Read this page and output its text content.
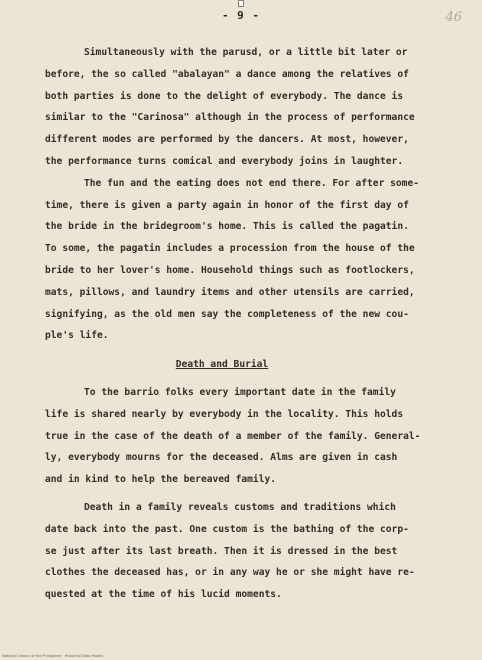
- 9 -	46
Simultaneously with the parusd, or a little bit later or
before, the so called "abalayan" a dance among the relatives of
both parties is done to the delight of everybody. The dance is
similar to the "Carinosa" although in the process of performance
different modes are performed by the dancers. At most, however,
the performance turns comical and everybody joins in laughter.
The fun and the eating does not end there. For after some-
time, there is given a party again in honor of the first day of
the bride in the bridegroom's home. This is called the pagatin.
To some, the pagatin includes a procession from the house of the
bride to her lover's home. Household things such as footlockers,
mats, pillows, and laundry items and other utensils are carried,
signifying, as the old men say the completeness of the new cou-
ple's life.
Death and Burial
To the barrio folks every important date in the family
life is shared nearly by everybody in the locality. This holds
true in the case of the death of a member of the family. General-
ly, everybody mourns for the deceased. Alms are given in cash
and in kind to help the bereaved family.
Death in a family reveals customs and traditions which
date back into the past. One custom is the bathing of the corp-
se just after its last breath. Then it is dressed in the best
clothes the deceased has, or in any way he or she might have re-
quested at the time of his lucid moments.
National Library of the Philippines · Historical Data Papers
